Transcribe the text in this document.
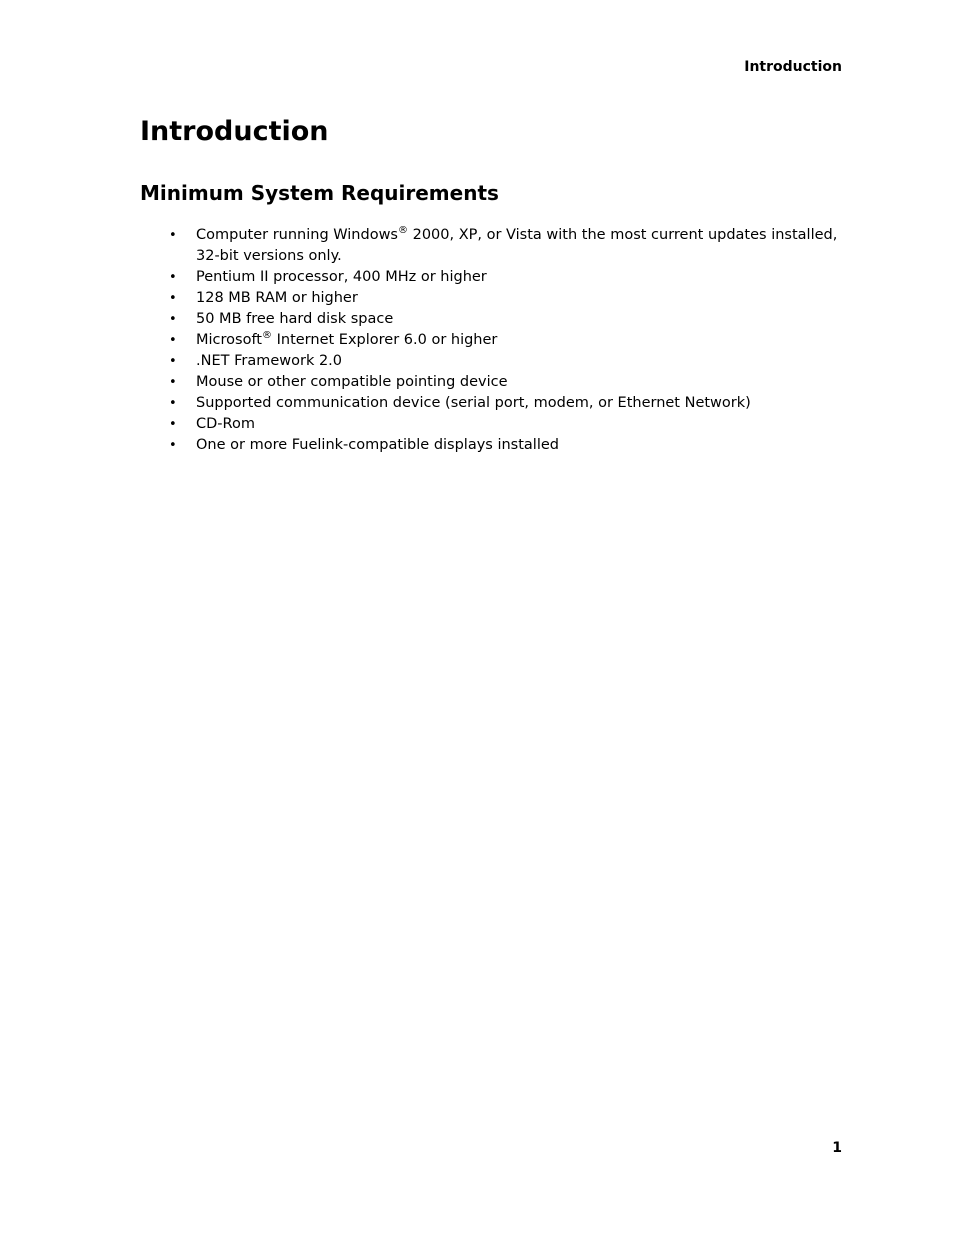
Introduction
Introduction
Minimum System Requirements
• Computer running Windows® 2000, XP, or Vista with the most current updates installed, 32-bit versions only.
• Pentium II processor, 400 MHz or higher
• 128 MB RAM or higher
• 50 MB free hard disk space
• Microsoft® Internet Explorer 6.0 or higher
• .NET Framework 2.0
• Mouse or other compatible pointing device
• Supported communication device (serial port, modem, or Ethernet Network)
• CD-Rom
• One or more Fuelink-compatible displays installed
1
